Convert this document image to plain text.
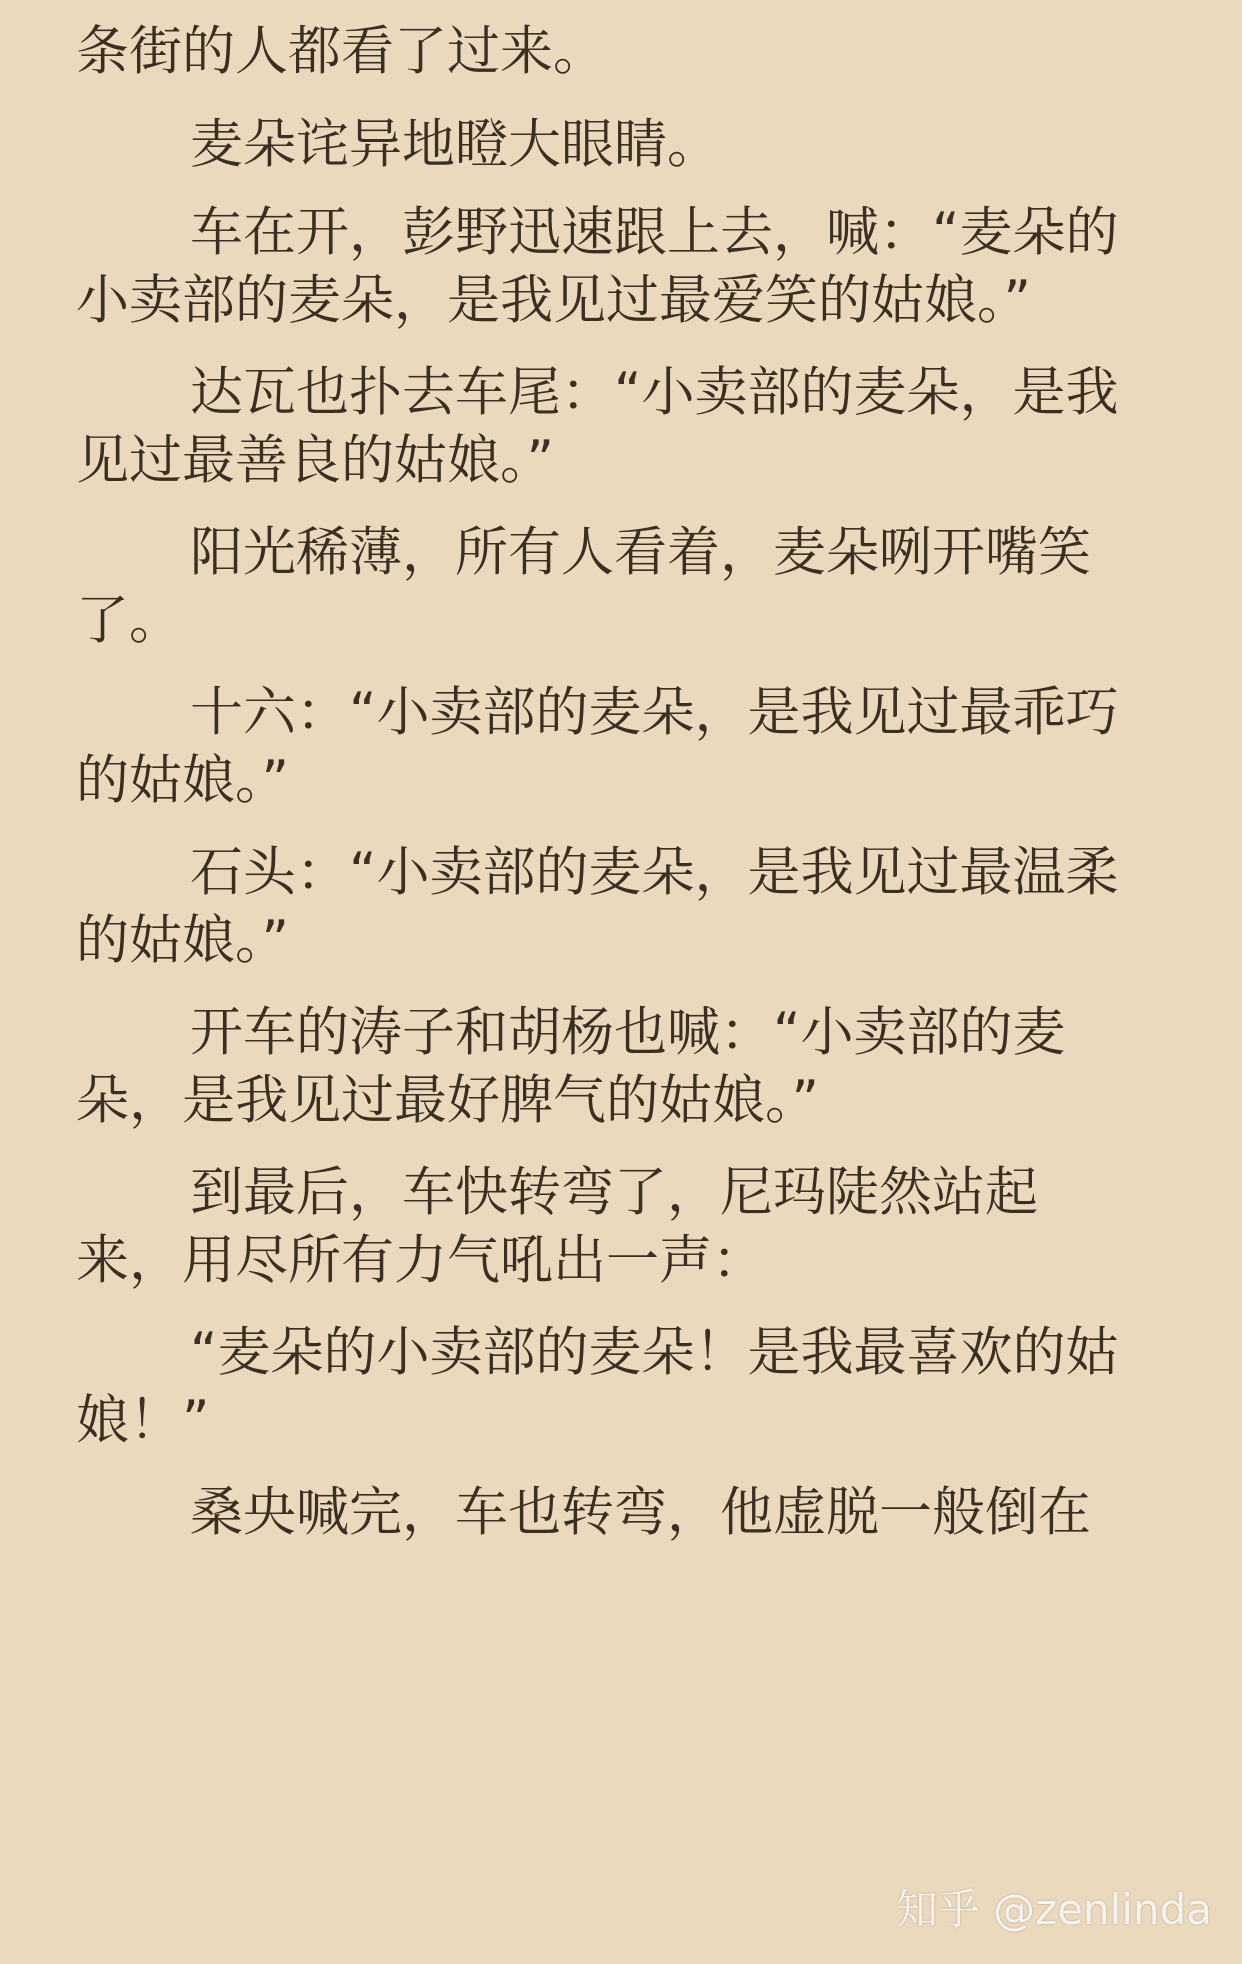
条街的人都看了过来。

麦朵诧异地瞪大眼睛。

车在开，彭野迅速跟上去，喊：“麦朵的

小卖部的麦朵，是我见过最爱笑的姑娘。”

达瓦也扑去车尾：“小卖部的麦朵，是我

见过最善良的姑娘。”

阳光稀薄，所有人看着，麦朵咧开嘴笑

了。

十六：“小卖部的麦朵，是我见过最乖巧

的姑娘。”

石头：“小卖部的麦朵，是我见过最温柔

的姑娘。”

开车的涛子和胡杨也喊：“小卖部的麦

朵，是我见过最好脾气的姑娘。”

到最后，车快转弯了，尼玛陡然站起

来，用尽所有力气吼出一声：

“麦朵的小卖部的麦朵！是我最喜欢的姑

娘！”

桑央喊完，车也转弯，他虚脱一般倒在

知乎 @zenlinda
